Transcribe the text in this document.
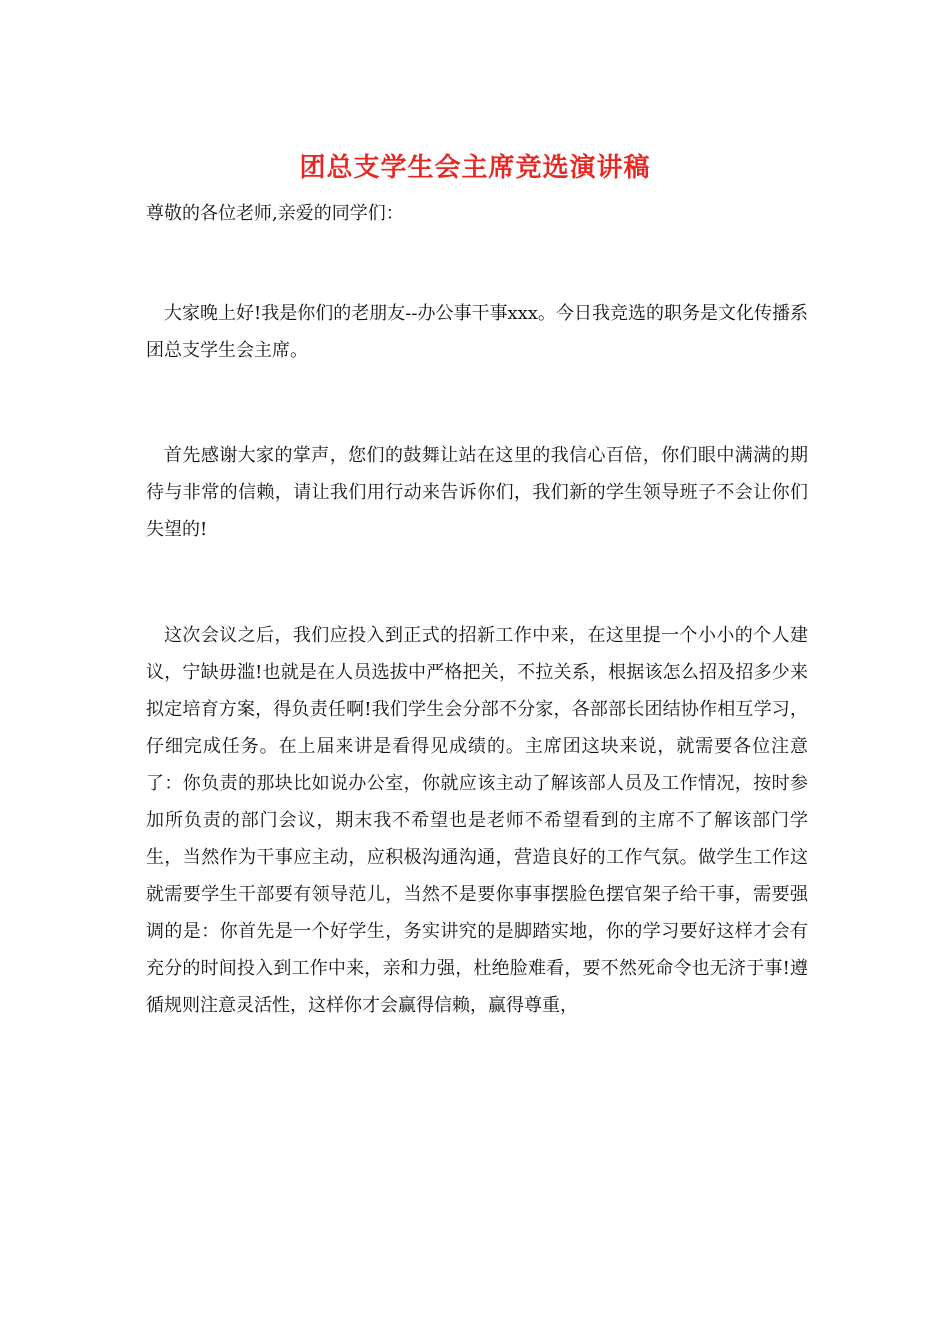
团总支学生会主席竞选演讲稿
尊敬的各位老师,亲爱的同学们：

大家晚上好!我是你们的老朋友--办公事干事xxx。今日我竞选的职务是文化传播系团总支学生会主席。

首先感谢大家的掌声，您们的鼓舞让站在这里的我信心百倍，你们眼中满满的期待与非常的信赖，请让我们用行动来告诉你们，我们新的学生领导班子不会让你们失望的!

这次会议之后，我们应投入到正式的招新工作中来，在这里提一个小小的个人建议，宁缺毋滥!也就是在人员选拔中严格把关，不拉关系，根据该怎么招及招多少来拟定培育方案，得负责任啊!我们学生会分部不分家，各部部长团结协作相互学习，仔细完成任务。在上届来讲是看得见成绩的。主席团这块来说，就需要各位注意了：你负责的那块比如说办公室，你就应该主动了解该部人员及工作情况，按时参加所负责的部门会议，期末我不希望也是老师不希望看到的主席不了解该部门学生，当然作为干事应主动，应积极沟通沟通，营造良好的工作气氛。做学生工作这就需要学生干部要有领导范儿，当然不是要你事事摆脸色摆官架子给干事，需要强调的是：你首先是一个好学生，务实讲究的是脚踏实地，你的学习要好这样才会有充分的时间投入到工作中来，亲和力强，杜绝脸难看，要不然死命令也无济于事!遵循规则注意灵活性，这样你才会赢得信赖，赢得尊重，
